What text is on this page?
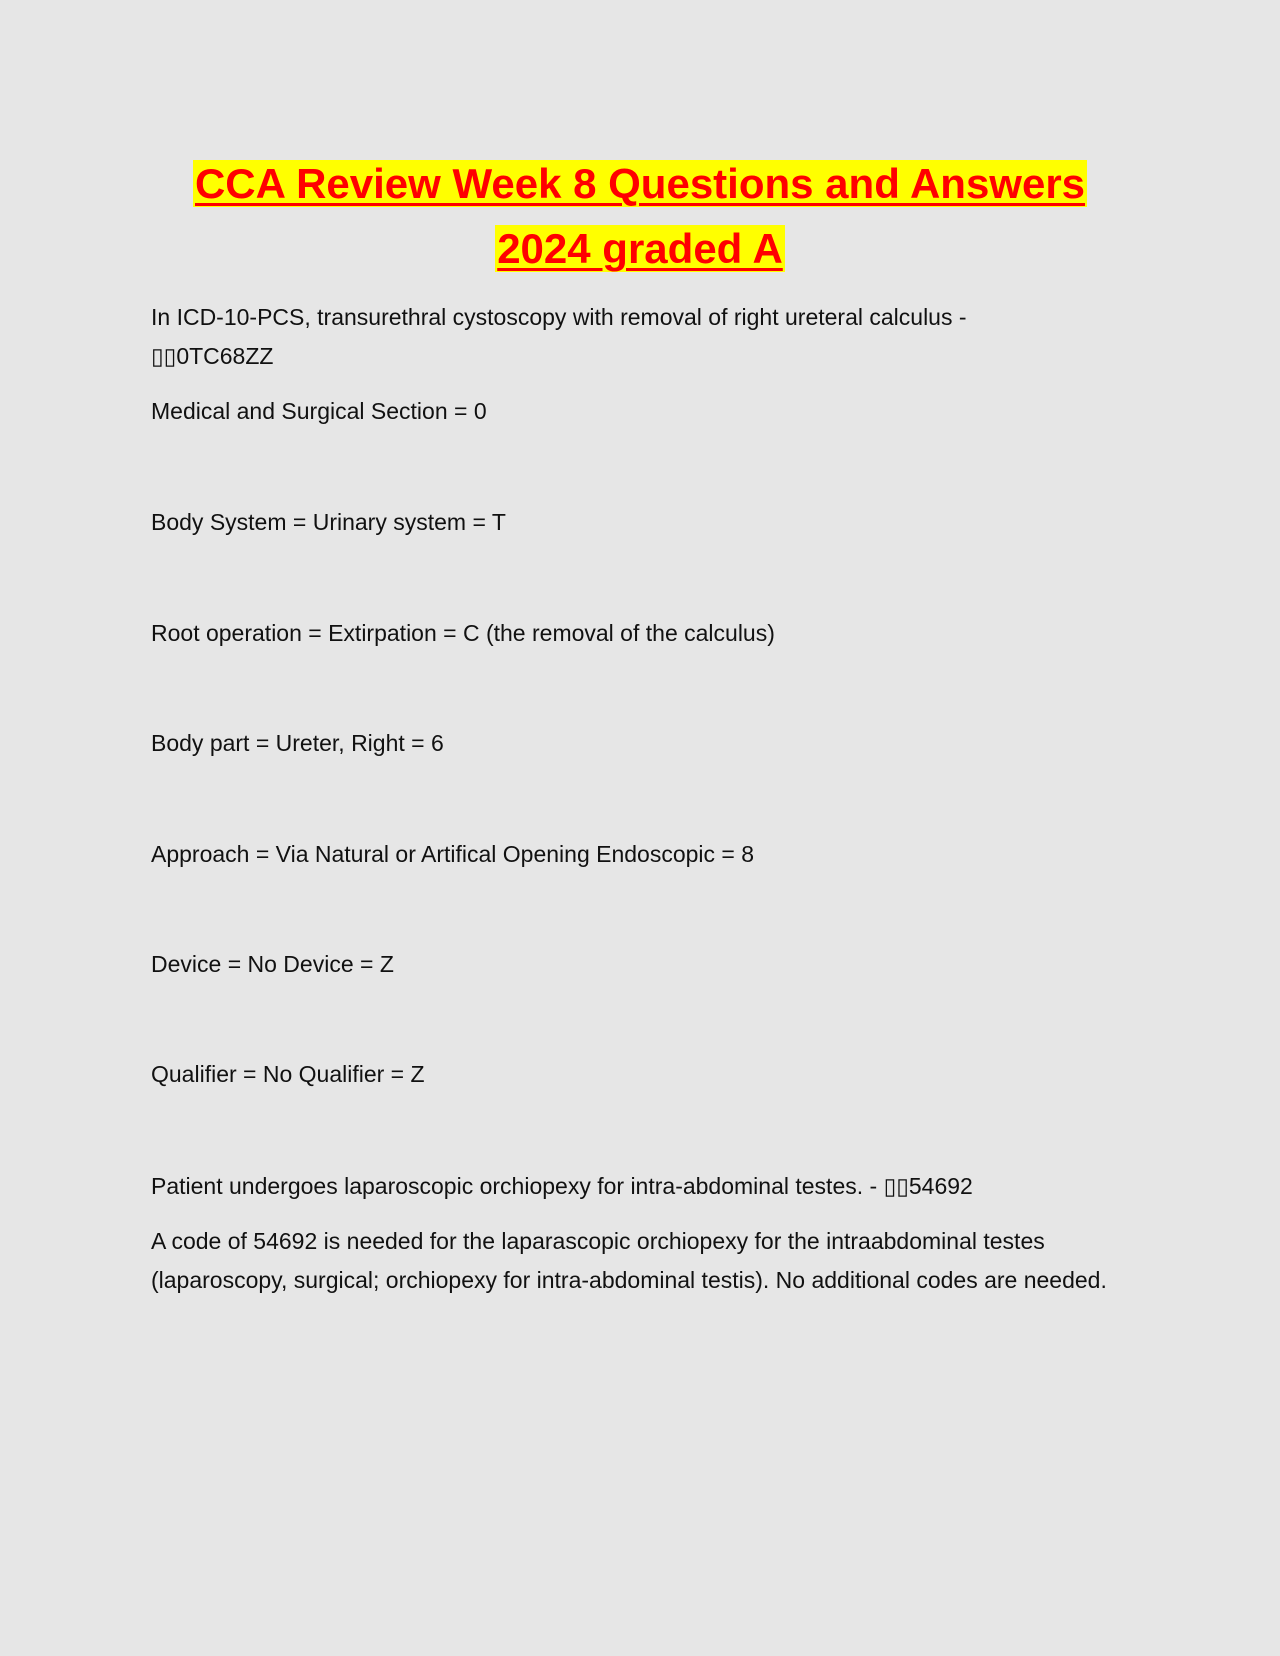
CCA Review Week 8 Questions and Answers
2024 graded A

In ICD-10-PCS, transurethral cystoscopy with removal of right ureteral calculus -
▯▯0TC68ZZ

Medical and Surgical Section = 0

Body System = Urinary system = T

Root operation = Extirpation = C (the removal of the calculus)

Body part = Ureter, Right = 6

Approach = Via Natural or Artifical Opening Endoscopic = 8

Device = No Device = Z

Qualifier = No Qualifier = Z

Patient undergoes laparoscopic orchiopexy for intra-abdominal testes. - ▯▯54692

A code of 54692 is needed for the laparascopic orchiopexy for the intraabdominal testes (laparoscopy, surgical; orchiopexy for intra-abdominal testis). No additional codes are needed.
